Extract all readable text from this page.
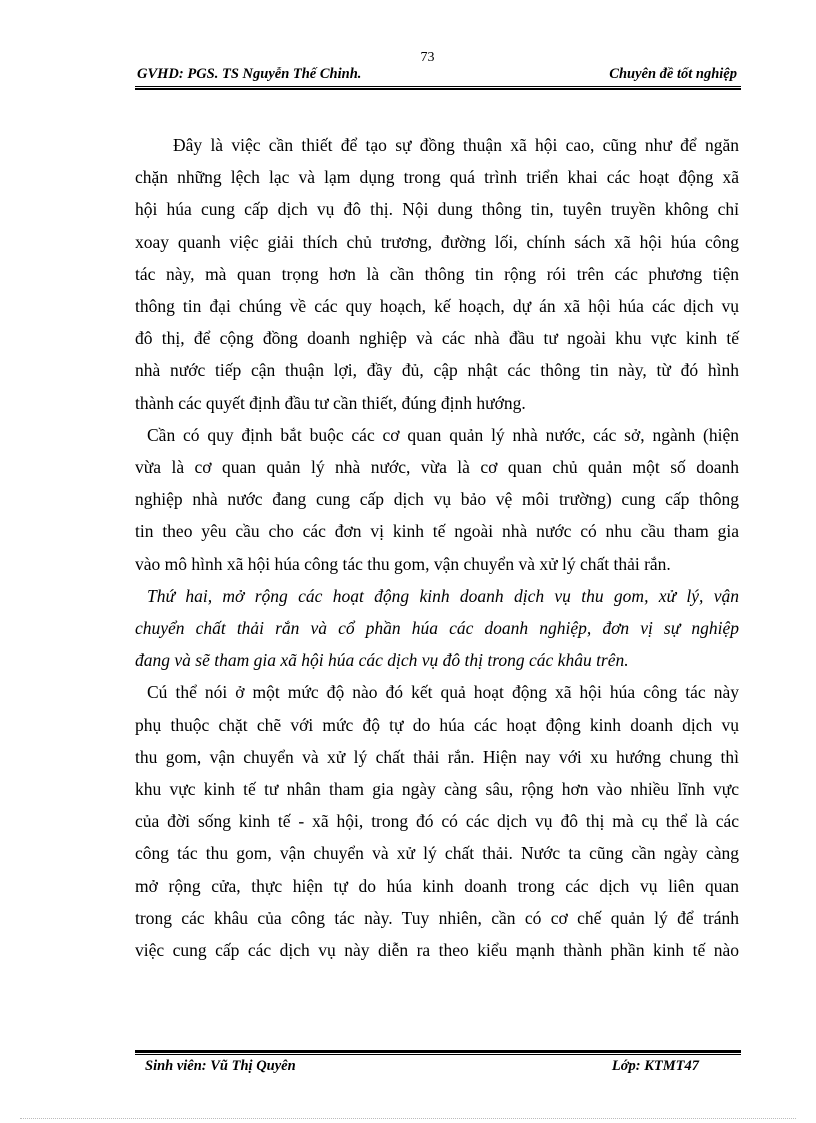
73
GVHD: PGS. TS Nguyễn Thế Chinh.	Chuyên đề tốt nghiệp
Đây là việc cần thiết để tạo sự đồng thuận xã hội cao, cũng như để ngăn
chặn những lệch lạc và lạm dụng trong quá trình triển khai các hoạt động xã
hội húa cung cấp dịch vụ đô thị. Nội dung thông tin, tuyên truyền không chỉ
xoay quanh việc giải thích chủ trương, đường lối, chính sách xã hội húa công
tác này, mà quan trọng hơn là cần thông tin rộng rói trên các phương tiện
thông tin đại chúng về các quy hoạch, kế hoạch, dự án xã hội húa các dịch vụ
đô thị, để cộng đồng doanh nghiệp và các nhà đầu tư ngoài khu vực kinh tế
nhà nước tiếp cận thuận lợi, đầy đủ, cập nhật các thông tin này, từ đó hình
thành các quyết định đầu tư cần thiết, đúng định hướng.
Cần có quy định bắt buộc các cơ quan quản lý nhà nước, các sở, ngành (hiện
vừa là cơ quan quản lý nhà nước, vừa là cơ quan chủ quản một số doanh
nghiệp nhà nước đang cung cấp dịch vụ bảo vệ môi trường) cung cấp thông
tin theo yêu cầu cho các đơn vị kinh tế ngoài nhà nước có nhu cầu tham gia
vào mô hình xã hội húa công tác thu gom, vận chuyển và xử lý chất thải rắn.
Thứ hai, mở rộng các hoạt động kinh doanh dịch vụ thu gom, xử lý, vận
chuyển chất thải rắn và cổ phần húa các doanh nghiệp, đơn vị sự nghiệp
đang và sẽ tham gia xã hội húa các dịch vụ đô thị trong các khâu trên.
Cú thể nói ở một mức độ nào đó kết quả hoạt động xã hội húa công tác này
phụ thuộc chặt chẽ với mức độ tự do húa các hoạt động kinh doanh dịch vụ
thu gom, vận chuyển và xử lý chất thải rắn. Hiện nay với xu hướng chung thì
khu vực kinh tế tư nhân tham gia ngày càng sâu, rộng hơn vào nhiều lĩnh vực
của đời sống kinh tế - xã hội, trong đó có các dịch vụ đô thị mà cụ thể là các
công tác thu gom, vận chuyển và xử lý chất thải. Nước ta cũng cần ngày càng
mở rộng cửa, thực hiện tự do húa kinh doanh trong các dịch vụ liên quan
trong các khâu của công tác này. Tuy nhiên, cần có cơ chế quản lý để tránh
việc cung cấp các dịch vụ này diễn ra theo kiểu mạnh thành phần kinh tế nào
Sinh viên: Vũ Thị Quyên	Lớp: KTMT47
